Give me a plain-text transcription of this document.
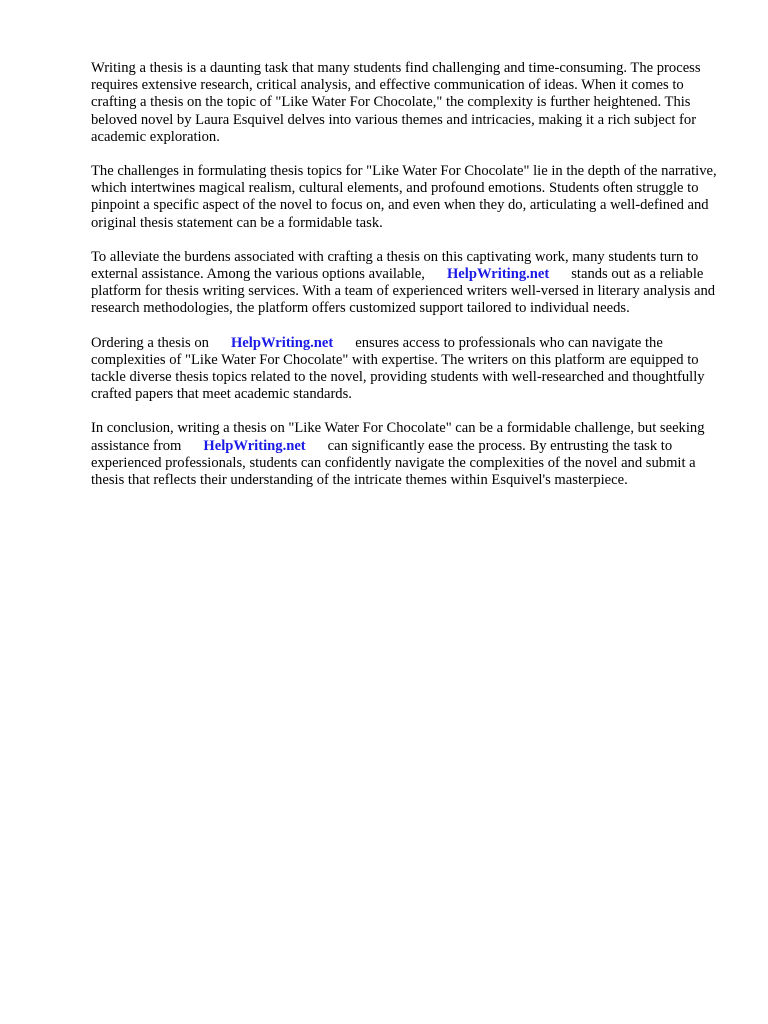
Writing a thesis is a daunting task that many students find challenging and time-consuming. The process requires extensive research, critical analysis, and effective communication of ideas. When it comes to crafting a thesis on the topic of "Like Water For Chocolate," the complexity is further heightened. This beloved novel by Laura Esquivel delves into various themes and intricacies, making it a rich subject for academic exploration.

The challenges in formulating thesis topics for "Like Water For Chocolate" lie in the depth of the narrative, which intertwines magical realism, cultural elements, and profound emotions. Students often struggle to pinpoint a specific aspect of the novel to focus on, and even when they do, articulating a well-defined and original thesis statement can be a formidable task.

To alleviate the burdens associated with crafting a thesis on this captivating work, many students turn to external assistance. Among the various options available, HelpWriting.net stands out as a reliable platform for thesis writing services. With a team of experienced writers well-versed in literary analysis and research methodologies, the platform offers customized support tailored to individual needs.

Ordering a thesis on HelpWriting.net ensures access to professionals who can navigate the complexities of "Like Water For Chocolate" with expertise. The writers on this platform are equipped to tackle diverse thesis topics related to the novel, providing students with well-researched and thoughtfully crafted papers that meet academic standards.

In conclusion, writing a thesis on "Like Water For Chocolate" can be a formidable challenge, but seeking assistance from HelpWriting.net can significantly ease the process. By entrusting the task to experienced professionals, students can confidently navigate the complexities of the novel and submit a thesis that reflects their understanding of the intricate themes within Esquivel's masterpiece.
